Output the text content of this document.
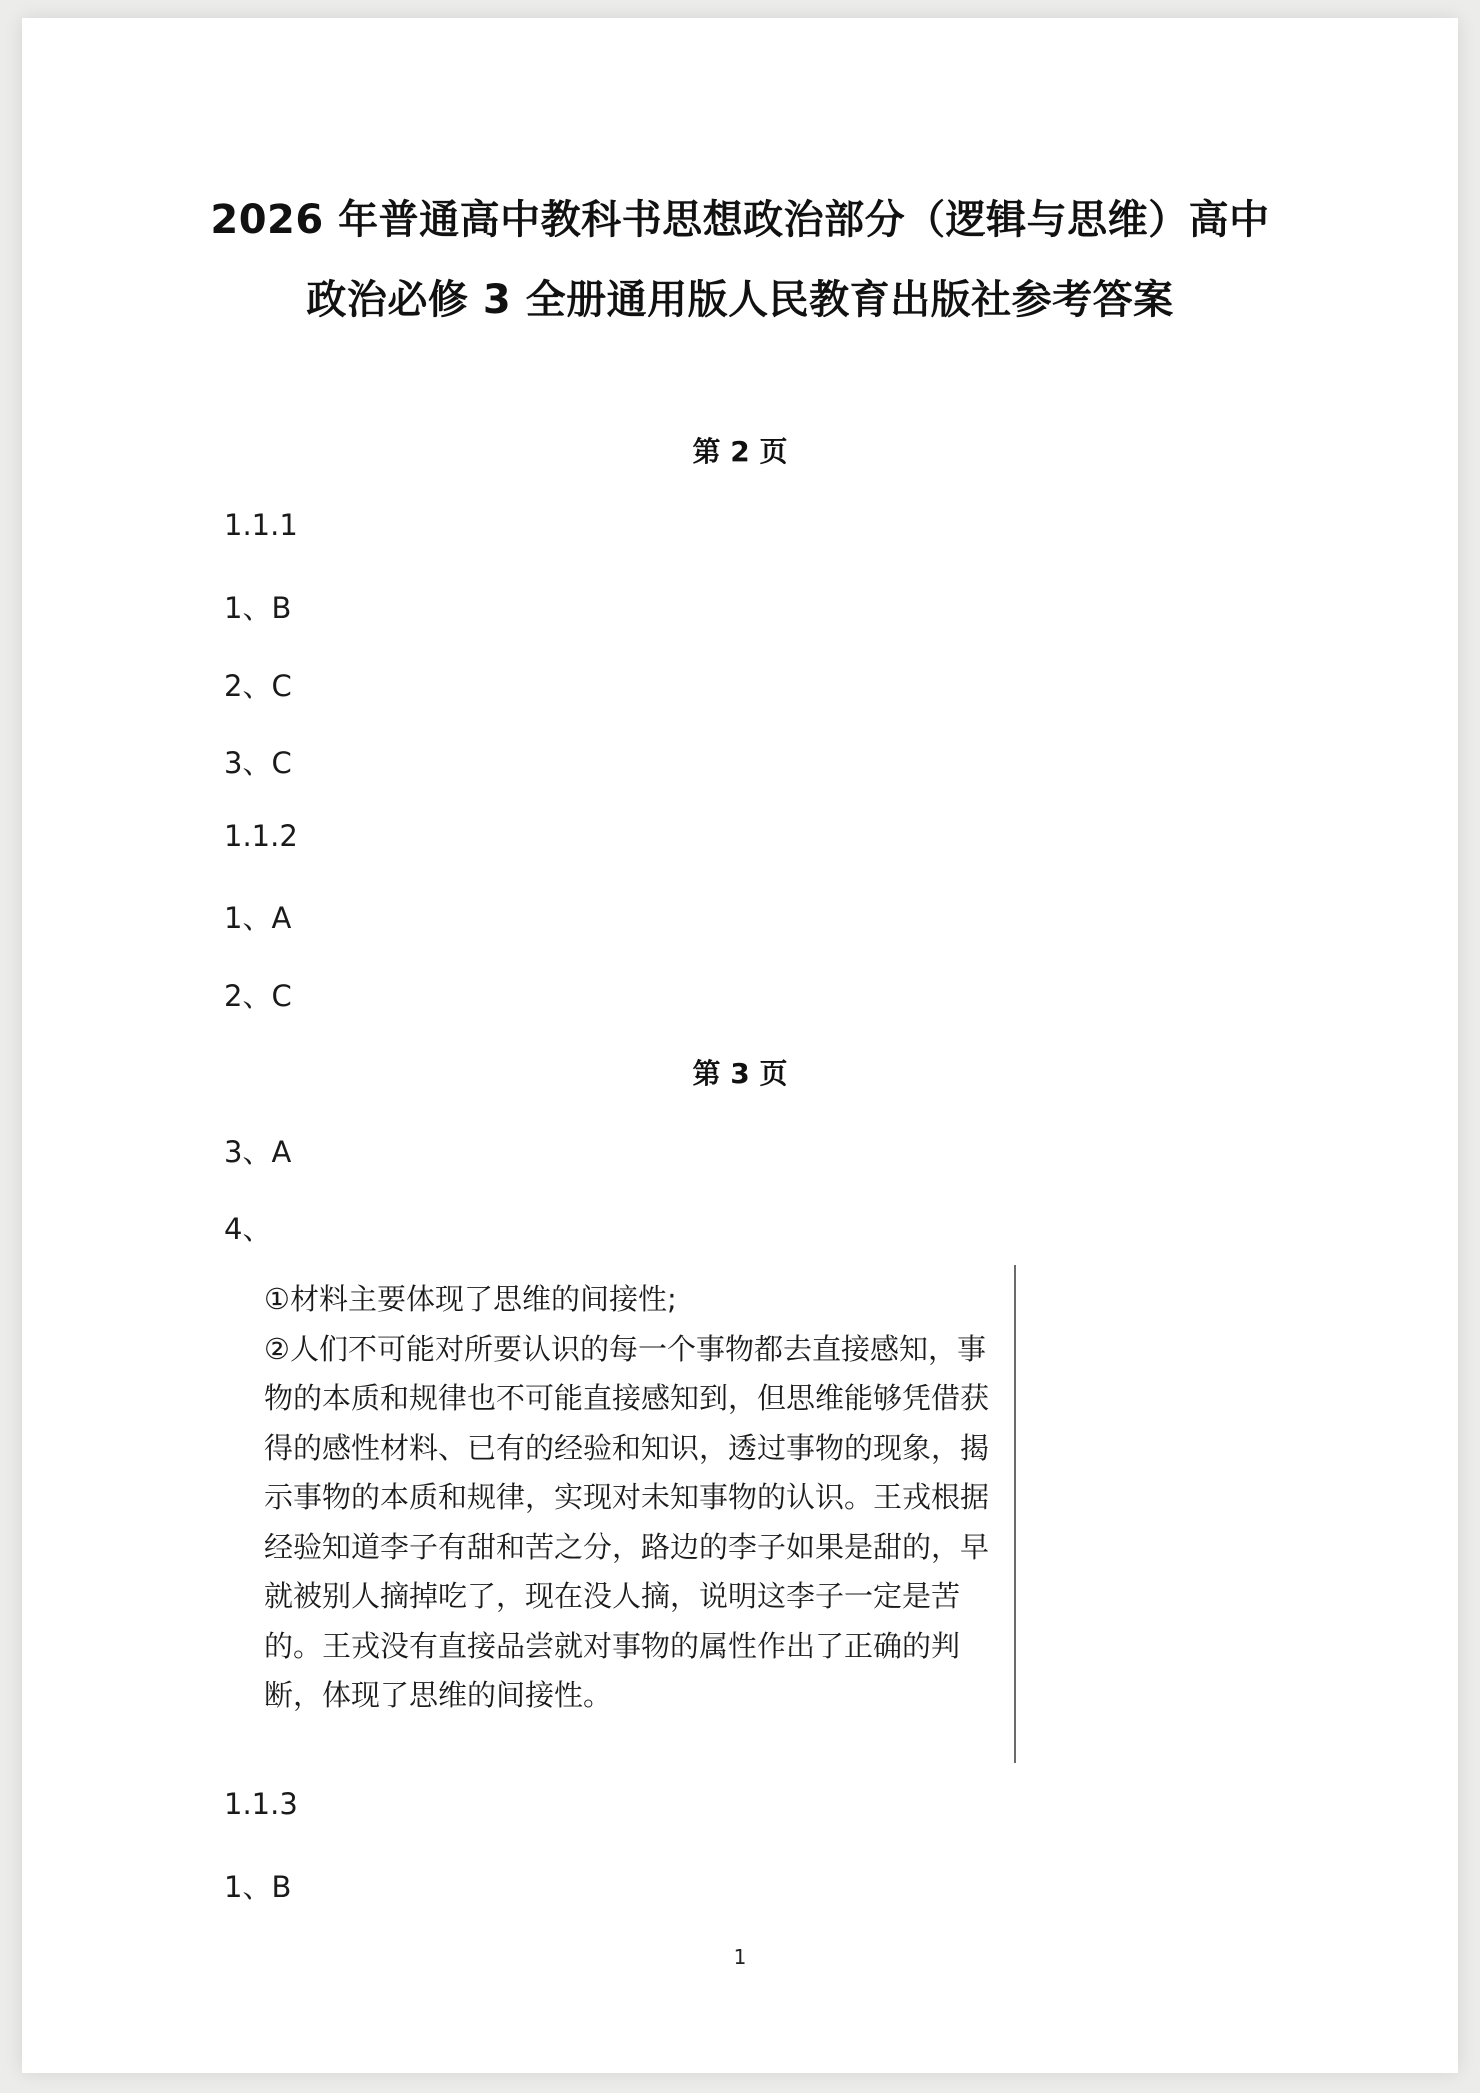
2026 年普通高中教科书思想政治部分（逻辑与思维）高中
政治必修 3 全册通用版人民教育出版社参考答案
第 2 页
1.1.1
1、B
2、C
3、C
1.1.2
1、A
2、C
第 3 页
3、A
4、
①材料主要体现了思维的间接性;
②人们不可能对所要认识的每一个事物都去直接感知，事物的本质和规律也不可能直接感知到，但思维能够凭借获得的感性材料、已有的经验和知识，透过事物的现象，揭示事物的本质和规律，实现对未知事物的认识。王戎根据经验知道李子有甜和苦之分，路边的李子如果是甜的，早就被别人摘掉吃了，现在没人摘，说明这李子一定是苦的。王戎没有直接品尝就对事物的属性作出了正确的判断，体现了思维的间接性。
1.1.3
1、B
1
